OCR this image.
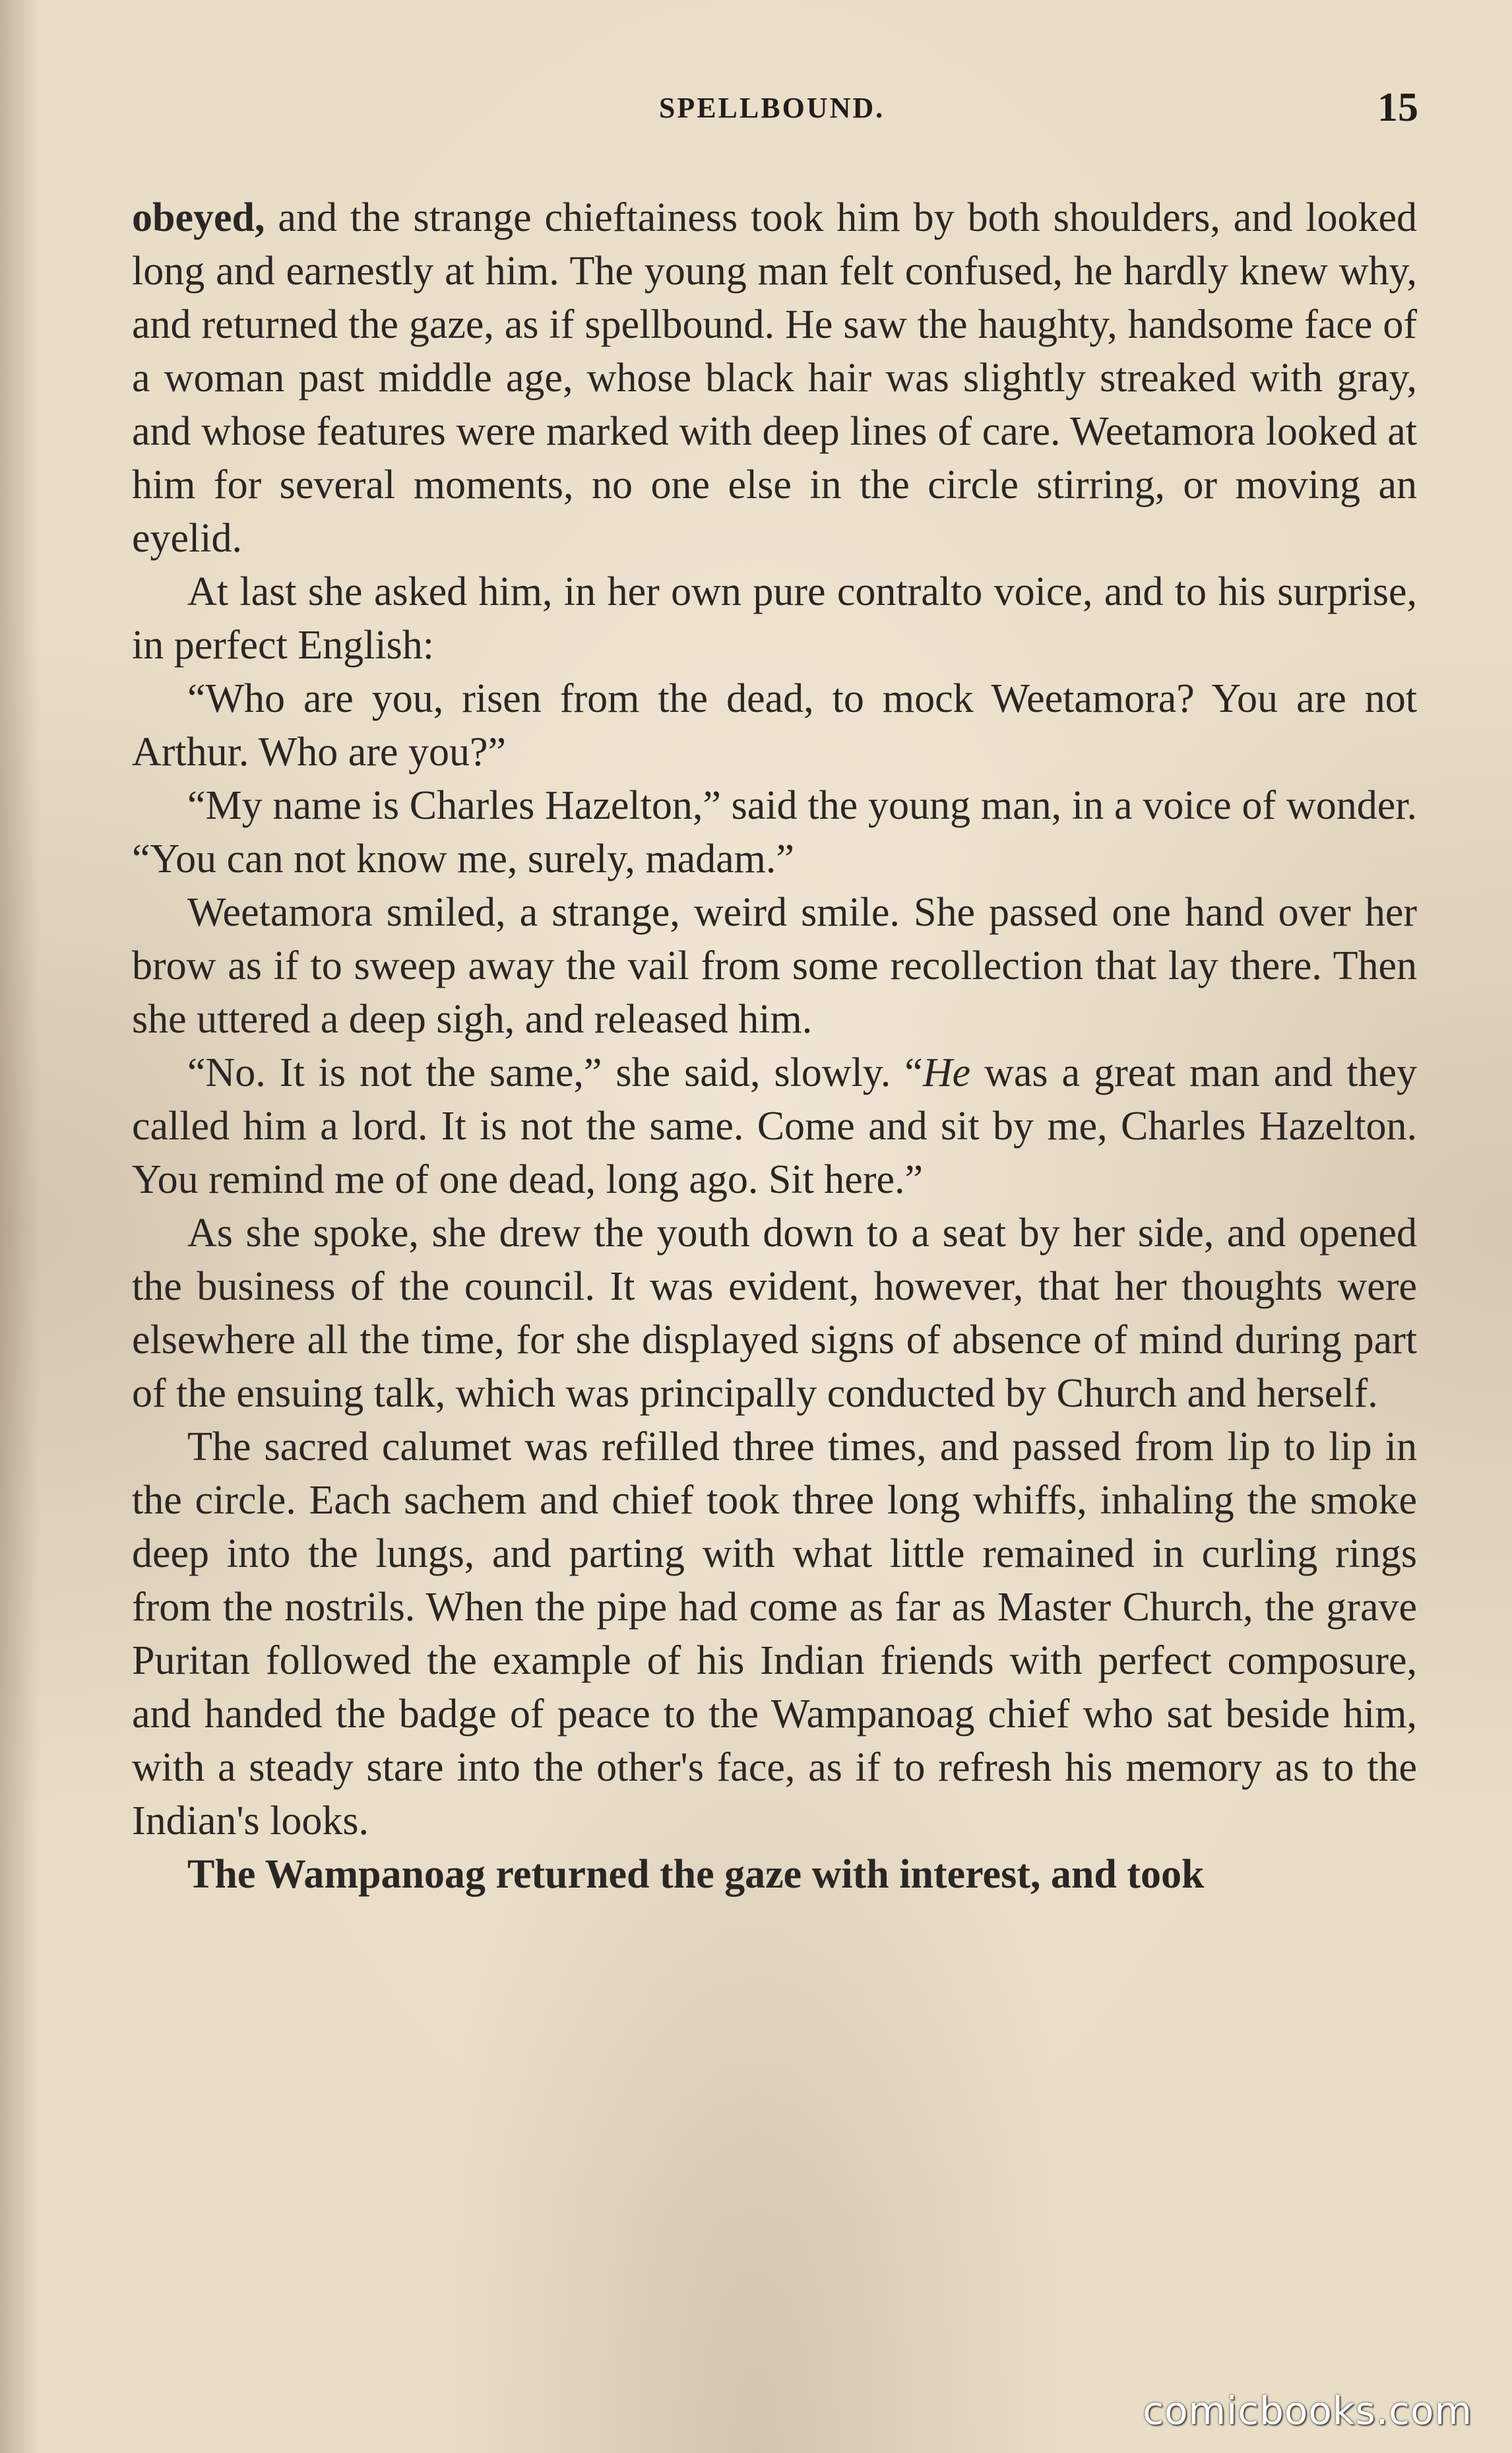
SPELLBOUND.	15

obeyed, and the strange chieftainess took him by both shoulders, and looked long and earnestly at him. The young man felt confused, he hardly knew why, and returned the gaze, as if spellbound. He saw the haughty, handsome face of a woman past middle age, whose black hair was slightly streaked with gray, and whose features were marked with deep lines of care. Weetamora looked at him for several moments, no one else in the circle stirring, or moving an eyelid.

At last she asked him, in her own pure contralto voice, and to his surprise, in perfect English:

“Who are you, risen from the dead, to mock Weetamora? You are not Arthur. Who are you?”

“My name is Charles Hazelton,” said the young man, in a voice of wonder. “You can not know me, surely, madam.”

Weetamora smiled, a strange, weird smile. She passed one hand over her brow as if to sweep away the vail from some recollection that lay there. Then she uttered a deep sigh, and released him.

“No. It is not the same,” she said, slowly. “He was a great man and they called him a lord. It is not the same. Come and sit by me, Charles Hazelton. You remind me of one dead, long ago. Sit here.”

As she spoke, she drew the youth down to a seat by her side, and opened the business of the council. It was evident, however, that her thoughts were elsewhere all the time, for she displayed signs of absence of mind during part of the ensuing talk, which was principally conducted by Church and herself.

The sacred calumet was refilled three times, and passed from lip to lip in the circle. Each sachem and chief took three long whiffs, inhaling the smoke deep into the lungs, and parting with what little remained in curling rings from the nostrils. When the pipe had come as far as Master Church, the grave Puritan followed the example of his Indian friends with perfect composure, and handed the badge of peace to the Wampanoag chief who sat beside him, with a steady stare into the other's face, as if to refresh his memory as to the Indian's looks.

The Wampanoag returned the gaze with interest, and took

comicbooks.com
